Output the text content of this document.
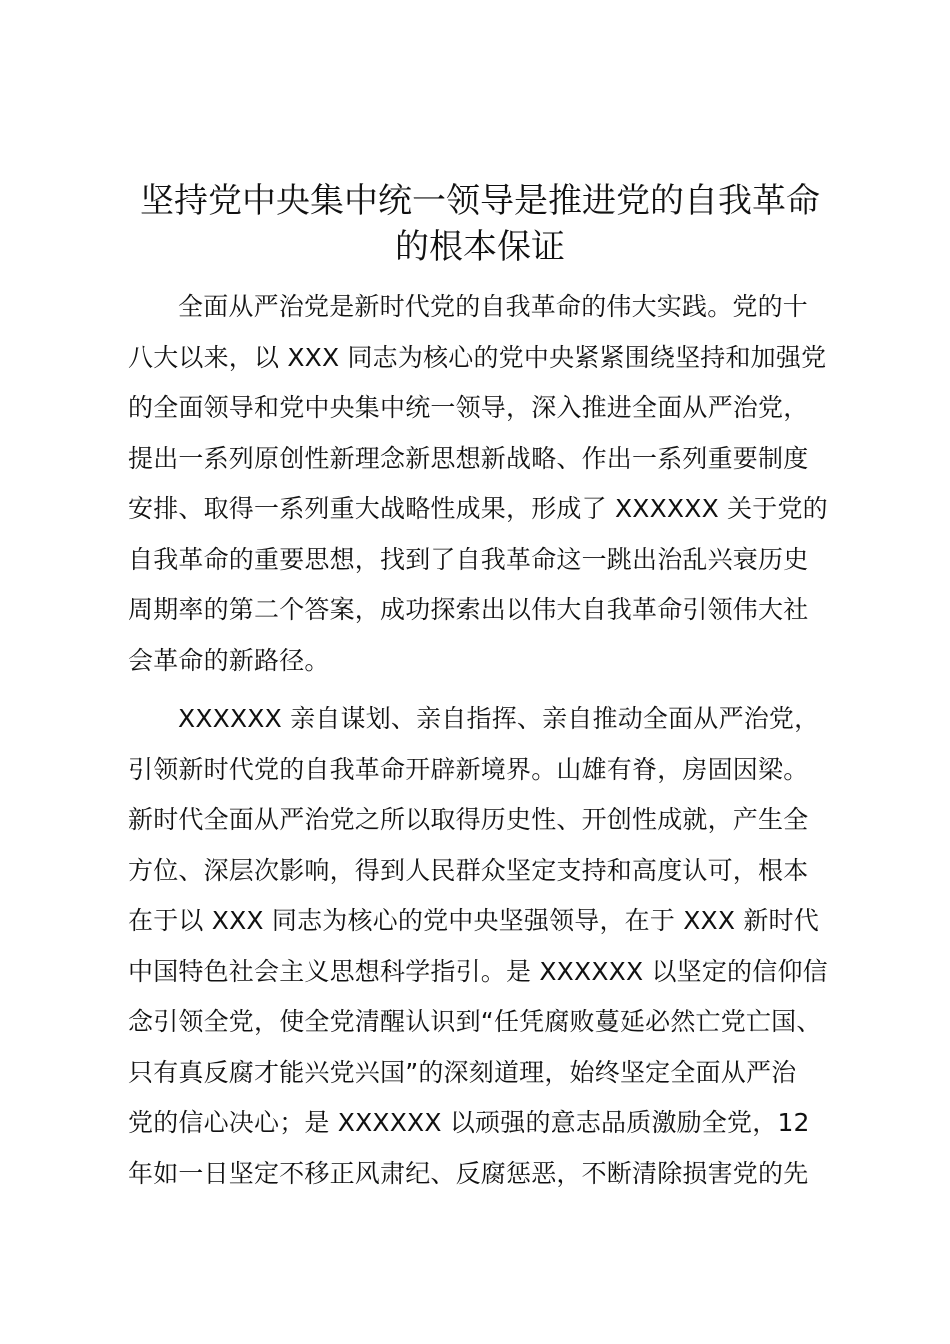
坚持党中央集中统一领导是推进党的自我革命
的根本保证
全面从严治党是新时代党的自我革命的伟大实践。党的十
八大以来，以 XXX 同志为核心的党中央紧紧围绕坚持和加强党
的全面领导和党中央集中统一领导，深入推进全面从严治党，
提出一系列原创性新理念新思想新战略、作出一系列重要制度
安排、取得一系列重大战略性成果，形成了 XXXXXX 关于党的
自我革命的重要思想，找到了自我革命这一跳出治乱兴衰历史
周期率的第二个答案，成功探索出以伟大自我革命引领伟大社
会革命的新路径。
XXXXXX 亲自谋划、亲自指挥、亲自推动全面从严治党，
引领新时代党的自我革命开辟新境界。山雄有脊，房固因梁。
新时代全面从严治党之所以取得历史性、开创性成就，产生全
方位、深层次影响，得到人民群众坚定支持和高度认可，根本
在于以 XXX 同志为核心的党中央坚强领导，在于 XXX 新时代
中国特色社会主义思想科学指引。是 XXXXXX 以坚定的信仰信
念引领全党，使全党清醒认识到“任凭腐败蔓延必然亡党亡国、
只有真反腐才能兴党兴国”的深刻道理，始终坚定全面从严治
党的信心决心；是 XXXXXX 以顽强的意志品质激励全党，12
年如一日坚定不移正风肃纪、反腐惩恶，不断清除损害党的先
